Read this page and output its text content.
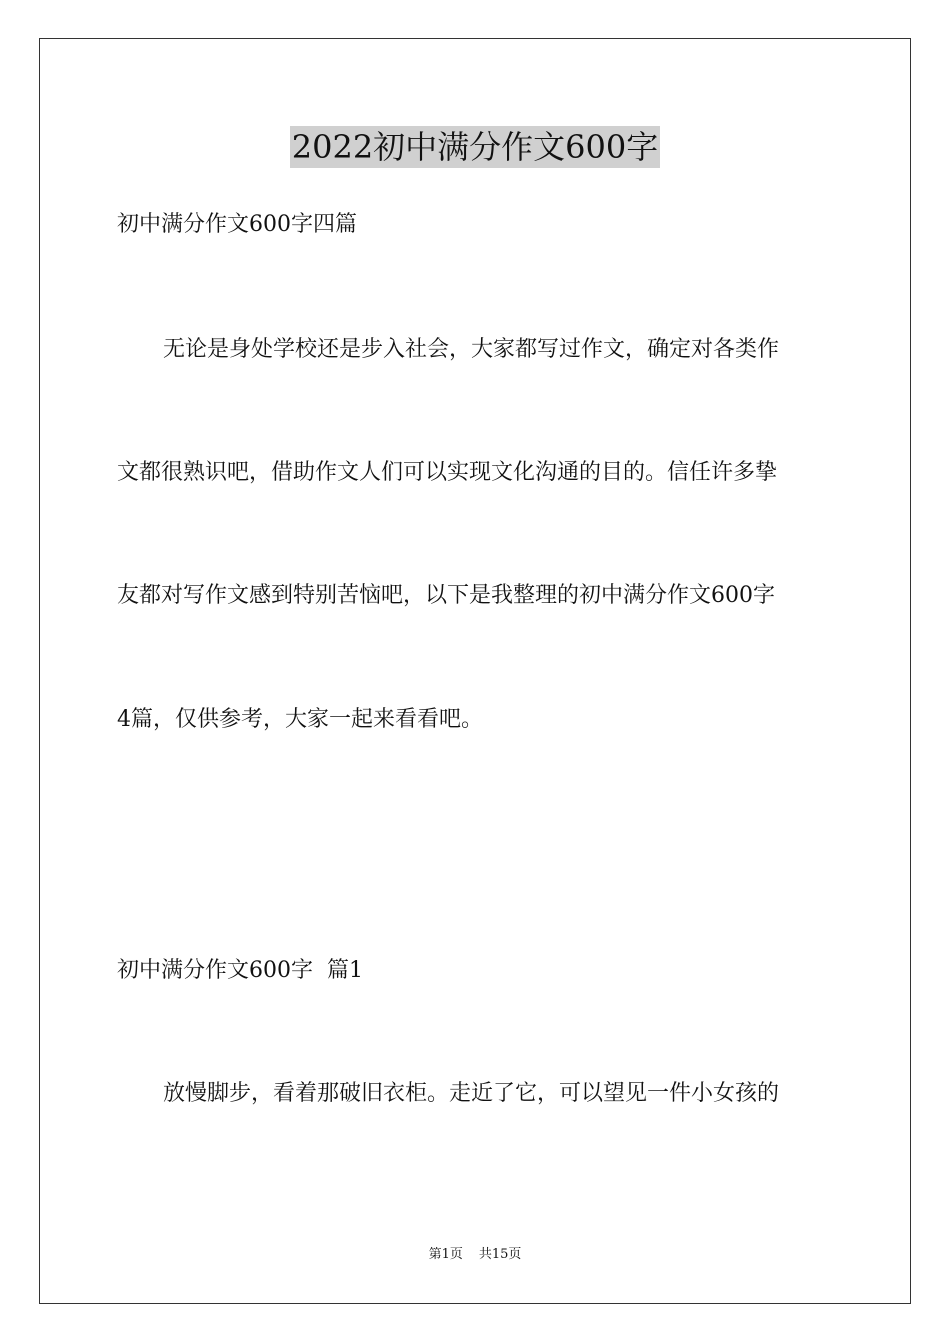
2022初中满分作文600字
初中满分作文600字四篇
无论是身处学校还是步入社会，大家都写过作文，确定对各类作
文都很熟识吧，借助作文人们可以实现文化沟通的目的。信任许多挚
友都对写作文感到特别苦恼吧，以下是我整理的初中满分作文600字
4篇，仅供参考，大家一起来看看吧。
初中满分作文600字  篇1
放慢脚步，看着那破旧衣柜。走近了它，可以望见一件小女孩的
第1页 共15页
